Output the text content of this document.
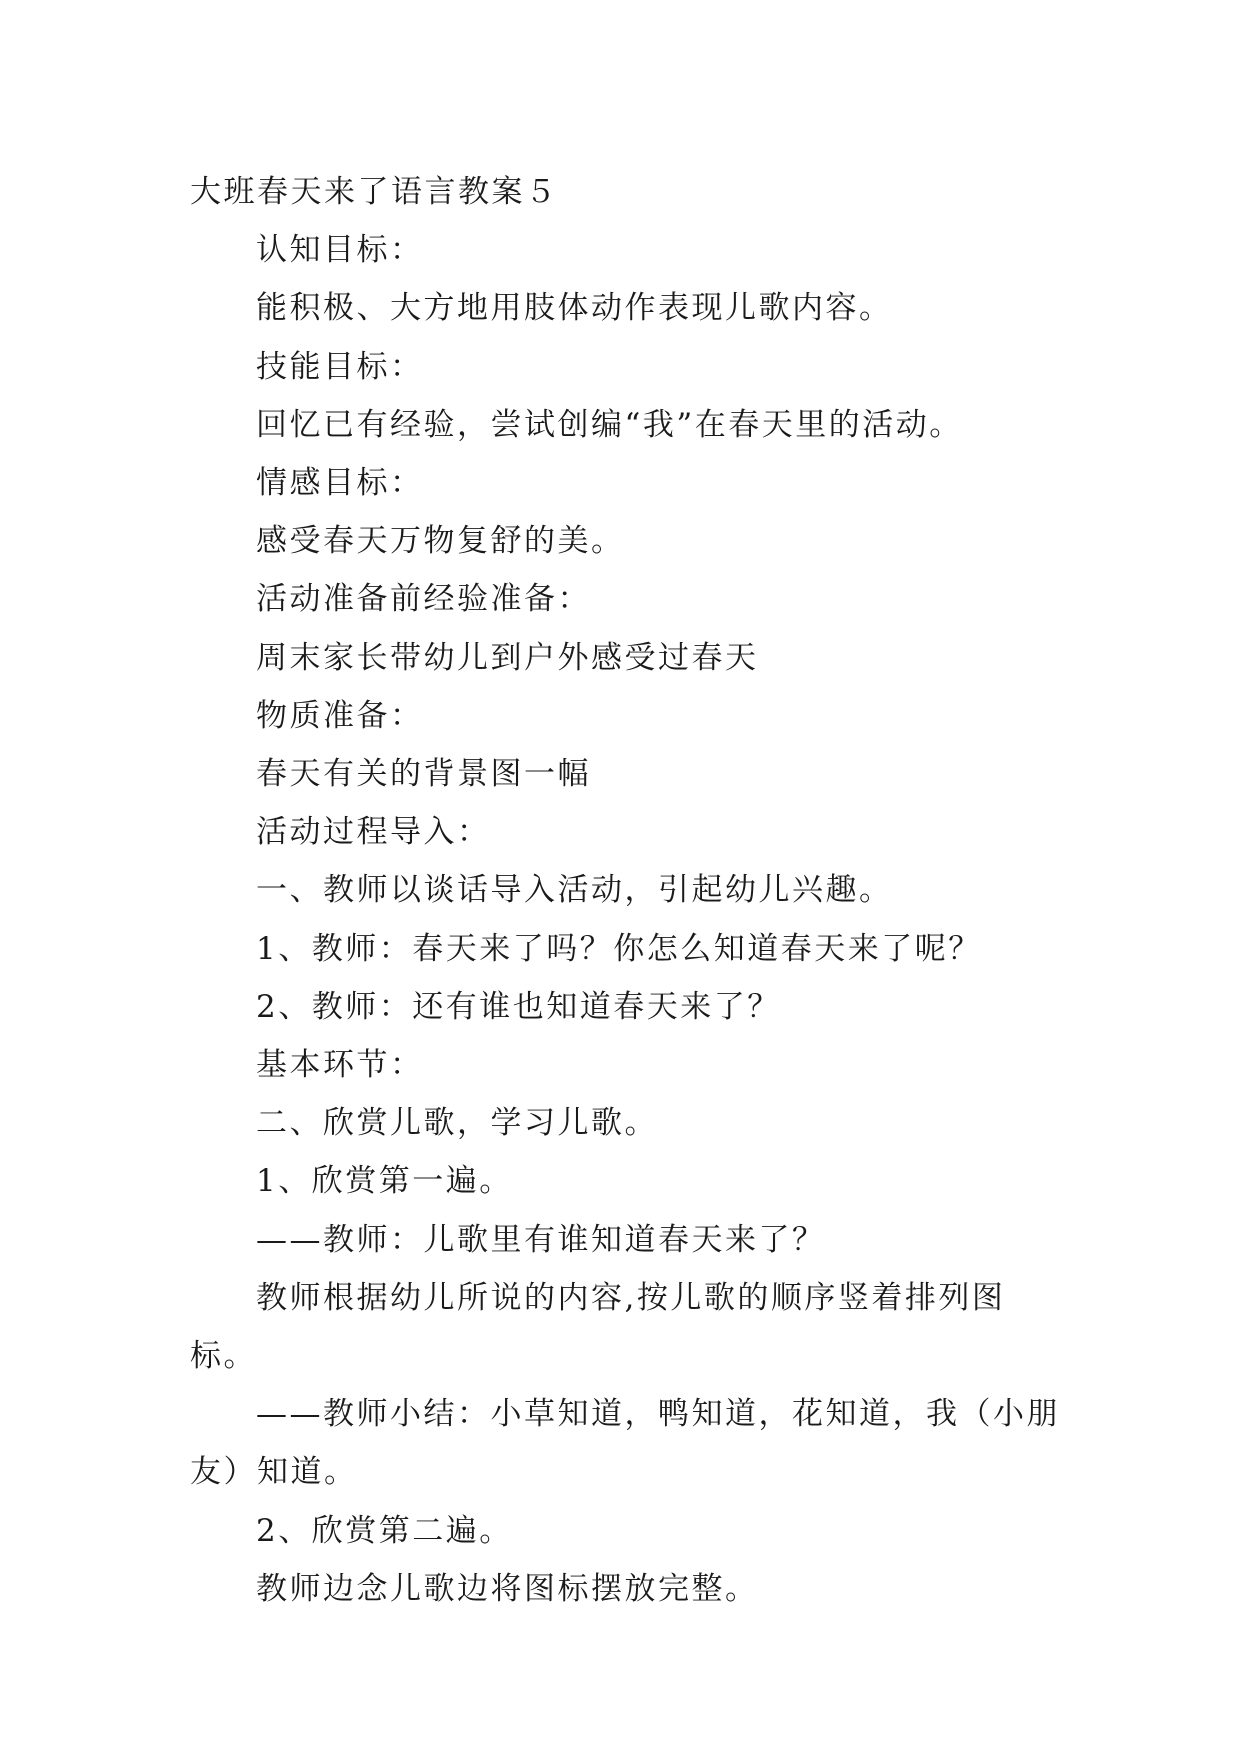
大班春天来了语言教案５

认知目标：

能积极、大方地用肢体动作表现儿歌内容。

技能目标：

回忆已有经验，尝试创编“我”在春天里的活动。

情感目标：

感受春天万物复舒的美。

活动准备前经验准备：

周末家长带幼儿到户外感受过春天

物质准备：

春天有关的背景图一幅

活动过程导入：

一、教师以谈话导入活动，引起幼儿兴趣。

1、教师：春天来了吗？你怎么知道春天来了呢？

2、教师：还有谁也知道春天来了？

基本环节：

二、欣赏儿歌，学习儿歌。

1、欣赏第一遍。

——教师：儿歌里有谁知道春天来了？

教师根据幼儿所说的内容,按儿歌的顺序竖着排列图标。

——教师小结：小草知道，鸭知道，花知道，我（小朋友）知道。

2、欣赏第二遍。

教师边念儿歌边将图标摆放完整。
